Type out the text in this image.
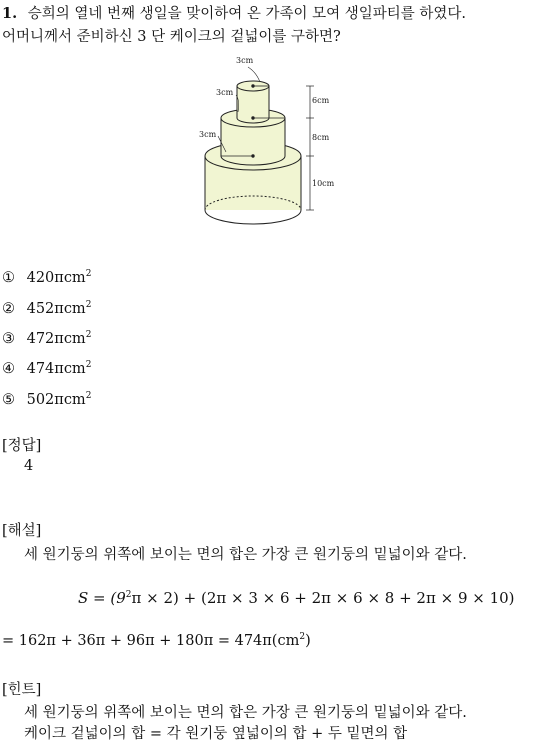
1. 승희의 열네 번째 생일을 맞이하여 온 가족이 모여 생일파티를 하였다.
어머니께서 준비하신 3 단 케이크의 겉넓이를 구하면?
3cm
3cm
3cm
6cm
8cm
10cm
① 420πcm$^2$
② 452πcm$^2$
③ 472πcm$^2$
④ 474πcm$^2$
⑤ 502πcm$^2$
[정답]
4
[해설]
세 원기둥의 위쪽에 보이는 면의 합은 가장 큰 원기둥의 밑넓이와 같다.
$S = (9^2\pi \times 2) + (2\pi \times 3 \times 6 + 2\pi \times 6 \times 8 + 2\pi \times 9 \times 10)$
= $162\pi + 36\pi + 96\pi + 180\pi = 474\pi(cm^2)$
[힌트]
세 원기둥의 위쪽에 보이는 면의 합은 가장 큰 원기둥의 밑넓이와 같다.
케이크 겉넓이의 합 = 각 원기둥 옆넓이의 합 + 두 밑면의 합
